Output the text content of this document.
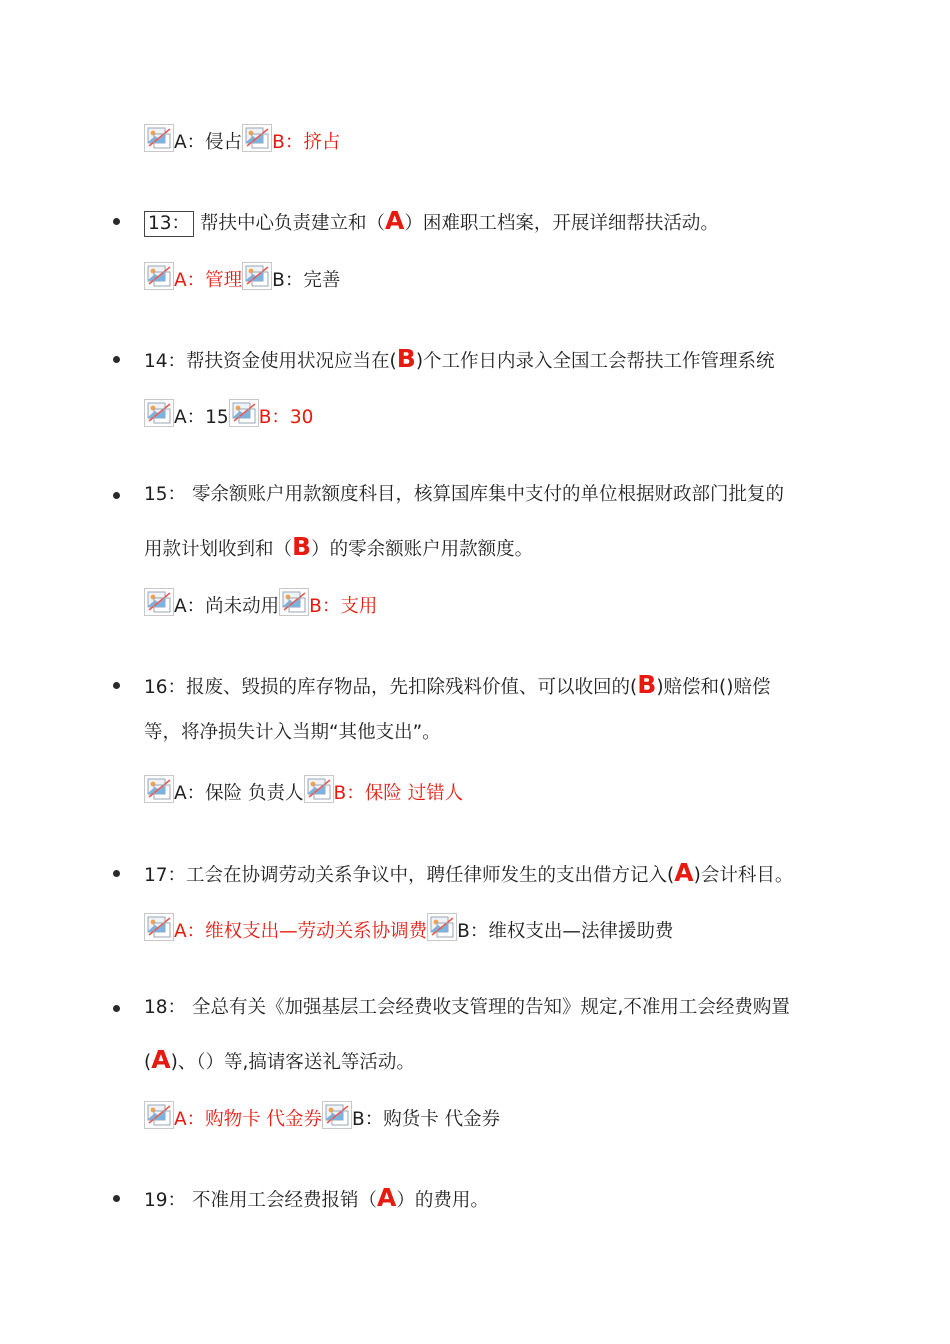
A：侵占 B：挤占
13： 帮扶中心负责建立和（A）困难职工档案，开展详细帮扶活动。
A：管理 B：完善
14：帮扶资金使用状况应当在(B)个工作日内录入全国工会帮扶工作管理系统
A：15 B：30
15： 零余额账户用款额度科目，核算国库集中支付的单位根据财政部门批复的
用款计划收到和（B）的零余额账户用款额度。
A：尚未动用 B：支用
16：报废、毁损的库存物品，先扣除残料价值、可以收回的(B)赔偿和()赔偿
等，将净损失计入当期“其他支出”。
A：保险 负责人 B：保险 过错人
17：工会在协调劳动关系争议中，聘任律师发生的支出借方记入(A)会计科目。
A：维权支出—劳动关系协调费 B：维权支出—法律援助费
18： 全总有关《加强基层工会经费收支管理的告知》规定,不准用工会经费购置
(A)、（）等,搞请客送礼等活动。
A：购物卡 代金券 B：购货卡 代金券
19： 不准用工会经费报销（A）的费用。
